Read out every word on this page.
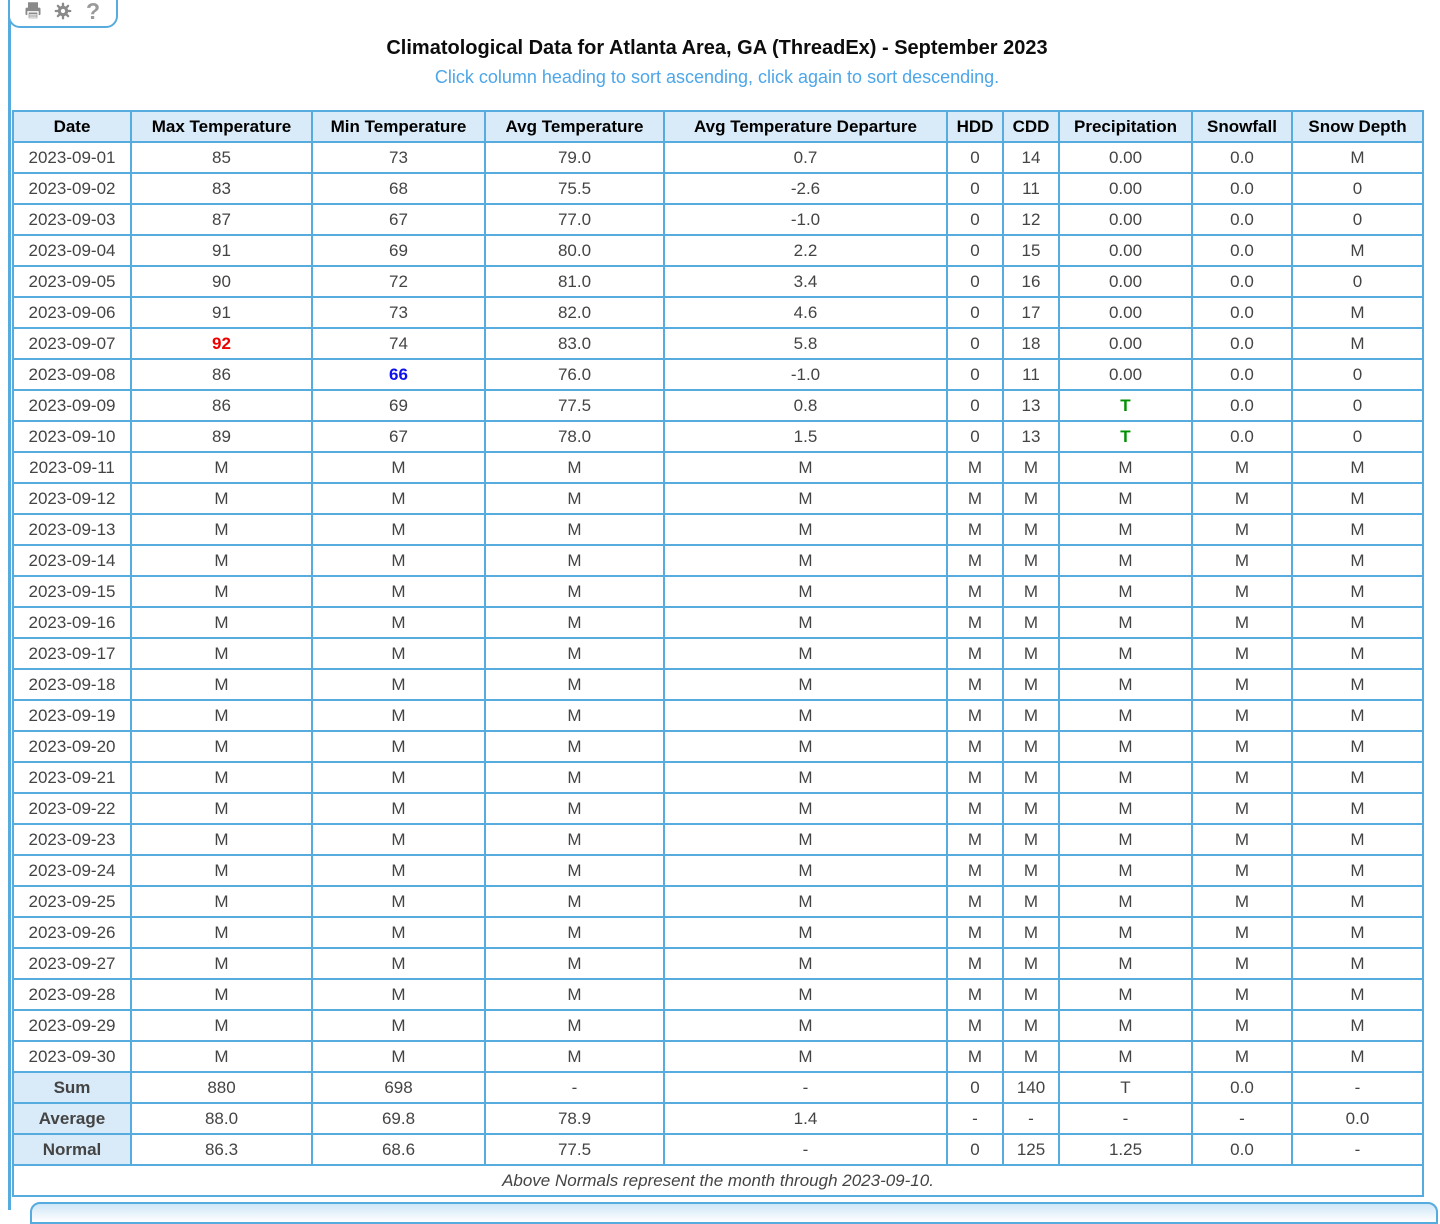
?
Climatological Data for Atlanta Area, GA (ThreadEx) - September 2023
Click column heading to sort ascending, click again to sort descending.
Date	Max Temperature	Min Temperature	Avg Temperature	Avg Temperature Departure	HDD	CDD	Precipitation	Snowfall	Snow Depth
2023-09-01	85	73	79.0	0.7	0	14	0.00	0.0	M
2023-09-02	83	68	75.5	-2.6	0	11	0.00	0.0	0
2023-09-03	87	67	77.0	-1.0	0	12	0.00	0.0	0
2023-09-04	91	69	80.0	2.2	0	15	0.00	0.0	M
2023-09-05	90	72	81.0	3.4	0	16	0.00	0.0	0
2023-09-06	91	73	82.0	4.6	0	17	0.00	0.0	M
2023-09-07	92	74	83.0	5.8	0	18	0.00	0.0	M
2023-09-08	86	66	76.0	-1.0	0	11	0.00	0.0	0
2023-09-09	86	69	77.5	0.8	0	13	T	0.0	0
2023-09-10	89	67	78.0	1.5	0	13	T	0.0	0
2023-09-11	M	M	M	M	M	M	M	M	M
2023-09-12	M	M	M	M	M	M	M	M	M
2023-09-13	M	M	M	M	M	M	M	M	M
2023-09-14	M	M	M	M	M	M	M	M	M
2023-09-15	M	M	M	M	M	M	M	M	M
2023-09-16	M	M	M	M	M	M	M	M	M
2023-09-17	M	M	M	M	M	M	M	M	M
2023-09-18	M	M	M	M	M	M	M	M	M
2023-09-19	M	M	M	M	M	M	M	M	M
2023-09-20	M	M	M	M	M	M	M	M	M
2023-09-21	M	M	M	M	M	M	M	M	M
2023-09-22	M	M	M	M	M	M	M	M	M
2023-09-23	M	M	M	M	M	M	M	M	M
2023-09-24	M	M	M	M	M	M	M	M	M
2023-09-25	M	M	M	M	M	M	M	M	M
2023-09-26	M	M	M	M	M	M	M	M	M
2023-09-27	M	M	M	M	M	M	M	M	M
2023-09-28	M	M	M	M	M	M	M	M	M
2023-09-29	M	M	M	M	M	M	M	M	M
2023-09-30	M	M	M	M	M	M	M	M	M
Sum	880	698	-	-	0	140	T	0.0	-
Average	88.0	69.8	78.9	1.4	-	-	-	-	0.0
Normal	86.3	68.6	77.5	-	0	125	1.25	0.0	-
Above Normals represent the month through 2023-09-10.									
